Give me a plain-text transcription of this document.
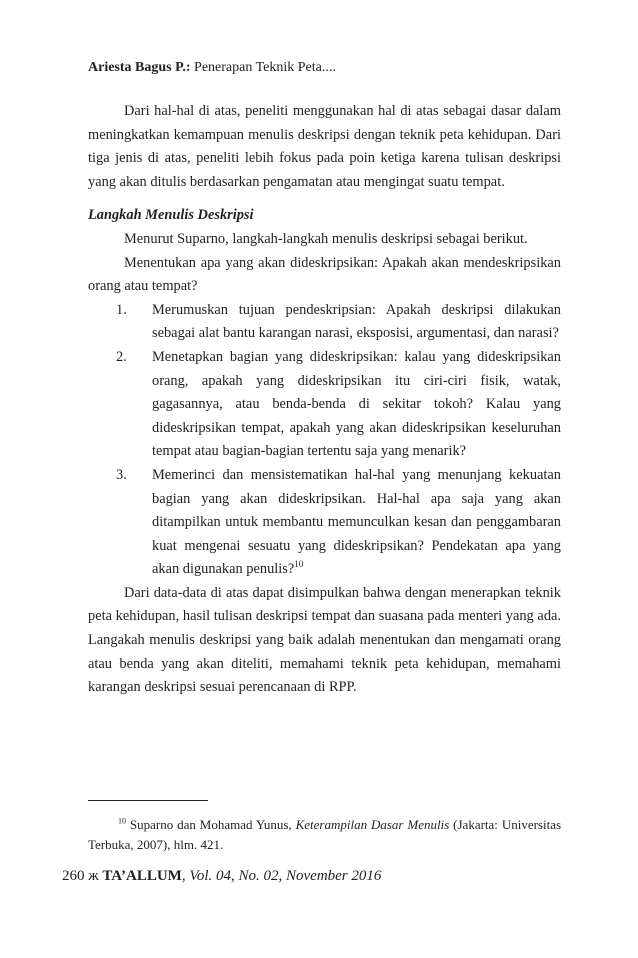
Ariesta Bagus P.: Penerapan Teknik Peta....

Dari hal-hal di atas, peneliti menggunakan hal di atas sebagai dasar dalam meningkatkan kemampuan menulis deskripsi dengan teknik peta kehidupan. Dari tiga jenis di atas, peneliti lebih fokus pada poin ketiga karena tulisan deskripsi yang akan ditulis berdasarkan pengamatan atau mengingat suatu tempat.

Langkah Menulis Deskripsi

Menurut Suparno, langkah-langkah menulis deskripsi sebagai berikut.

Menentukan apa yang akan dideskripsikan: Apakah akan mendeskripsikan orang atau tempat?

1. Merumuskan tujuan pendeskripsian: Apakah deskripsi dilakukan sebagai alat bantu karangan narasi, eksposisi, argumentasi, dan narasi?
2. Menetapkan bagian yang dideskripsikan: kalau yang dideskripsikan orang, apakah yang dideskripsikan itu ciri-ciri fisik, watak, gagasannya, atau benda-benda di sekitar tokoh? Kalau yang dideskripsikan tempat, apakah yang akan dideskripsikan keseluruhan tempat atau bagian-bagian tertentu saja yang menarik?
3. Memerinci dan mensistematikan hal-hal yang menunjang kekuatan bagian yang akan dideskripsikan. Hal-hal apa saja yang akan ditampilkan untuk membantu memunculkan kesan dan penggambaran kuat mengenai sesuatu yang dideskripsikan? Pendekatan apa yang akan digunakan penulis?$^{10}$

Dari data-data di atas dapat disimpulkan bahwa dengan menerapkan teknik peta kehidupan, hasil tulisan deskripsi tempat dan suasana pada menteri yang ada. Langakah menulis deskripsi yang baik adalah menentukan dan mengamati orang atau benda yang akan diteliti, memahami teknik peta kehidupan, memahami karangan deskripsi sesuai perencanaan di RPP.

$^{10}$ Suparno dan Mohamad Yunus, Keterampilan Dasar Menulis (Jakarta: Universitas Terbuka, 2007), hlm. 421.
260 ж TA’ALLUM, Vol. 04, No. 02, November 2016
